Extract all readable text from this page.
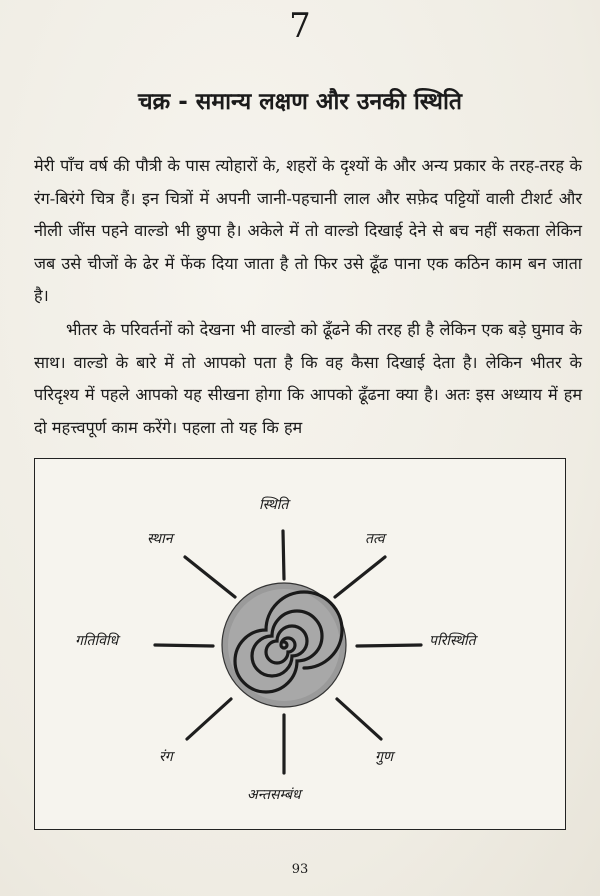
7
चक्र - समान्य लक्षण और उनकी स्थिति

मेरी पाँच वर्ष की पौत्री के पास त्योहारों के, शहरों के दृश्यों के और अन्य प्रकार के तरह-तरह के रंग-बिरंगे चित्र हैं। इन चित्रों में अपनी जानी-पहचानी लाल और सफ़ेद पट्टियों वाली टीशर्ट और नीली जींस पहने वाल्डो भी छुपा है। अकेले में तो वाल्डो दिखाई देने से बच नहीं सकता लेकिन जब उसे चीजों के ढेर में फेंक दिया जाता है तो फिर उसे ढूँढ पाना एक कठिन काम बन जाता है।

भीतर के परिवर्तनों को देखना भी वाल्डो को ढूँढने की तरह ही है लेकिन एक बड़े घुमाव के साथ। वाल्डो के बारे में तो आपको पता है कि वह कैसा दिखाई देता है। लेकिन भीतर के परिदृश्य में पहले आपको यह सीखना होगा कि आपको ढूँढना क्या है। अतः इस अध्याय में हम दो महत्त्वपूर्ण काम करेंगे। पहला तो यह कि हम

स्थिति
स्थान	तत्व
गतिविधि	परिस्थिति
रंग	गुण
अन्तसम्बंध
93
